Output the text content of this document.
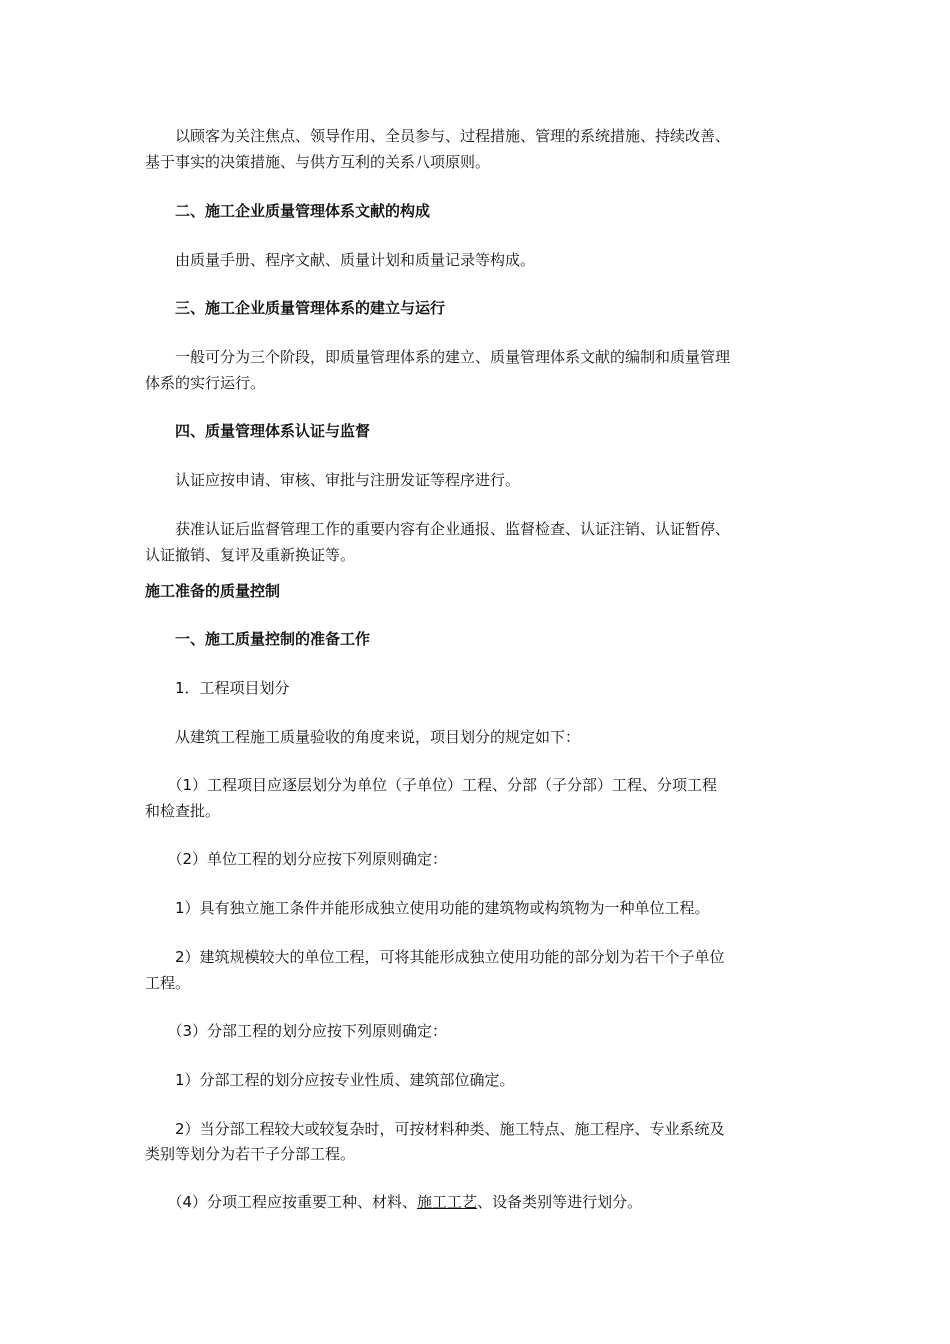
　　以顾客为关注焦点、领导作用、全员参与、过程措施、管理的系统措施、持续改善、
基于事实的决策措施、与供方互利的关系八项原则。
　　二、施工企业质量管理体系文献的构成
　　由质量手册、程序文献、质量计划和质量记录等构成。
　　三、施工企业质量管理体系的建立与运行
　　一般可分为三个阶段，即质量管理体系的建立、质量管理体系文献的编制和质量管理
体系的实行运行。
　　四、质量管理体系认证与监督
　　认证应按申请、审核、审批与注册发证等程序进行。
　　获准认证后监督管理工作的重要内容有企业通报、监督检查、认证注销、认证暂停、
认证撤销、复评及重新换证等。
施工准备的质量控制
　　一、施工质量控制的准备工作
　　1．工程项目划分
　　从建筑工程施工质量验收的角度来说，项目划分的规定如下：
　　（1）工程项目应逐层划分为单位（子单位）工程、分部（子分部）工程、分项工程
和检查批。
　　（2）单位工程的划分应按下列原则确定：
　　1）具有独立施工条件并能形成独立使用功能的建筑物或构筑物为一种单位工程。
　　2）建筑规模较大的单位工程，可将其能形成独立使用功能的部分划为若干个子单位
工程。
　　（3）分部工程的划分应按下列原则确定：
　　1）分部工程的划分应按专业性质、建筑部位确定。
　　2）当分部工程较大或较复杂时，可按材料种类、施工特点、施工程序、专业系统及
类别等划分为若干子分部工程。
　　（4）分项工程应按重要工种、材料、施工工艺、设备类别等进行划分。
